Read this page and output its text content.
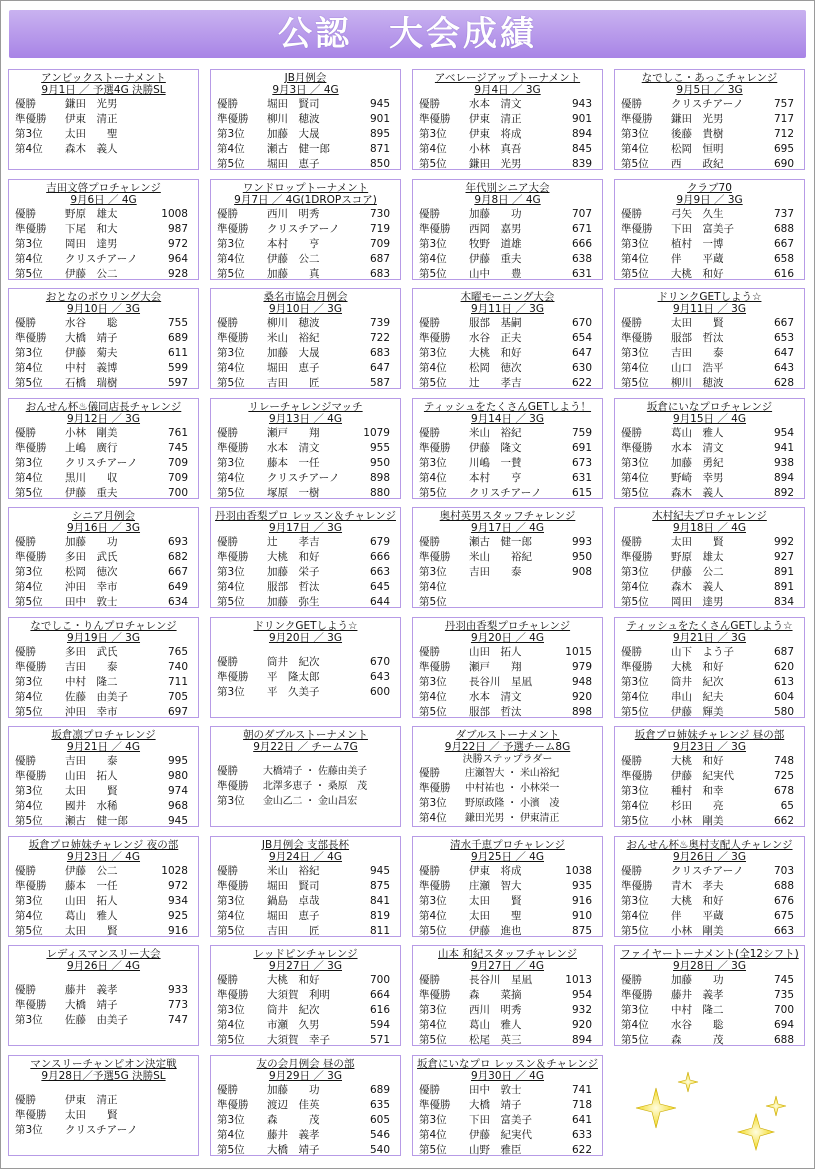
公認　大会成績
アンビックストーナメント
9月1日 ／ 予選4G 決勝SL
優勝	鎌田　光男
準優勝 伊東　清正
第3位 太田　　聖
第4位 森木　義人
JB月例会
9月3日 ／ 4G
優勝	堀田　賢司	945
準優勝 柳川　穂波	901
第3位 加藤　大晟	895
第4位 瀬古　健一郎	871
第5位 堀田　恵子	850
アベレージアップトーナメント
9月4日 ／ 3G
優勝	水本　清文	943
準優勝 伊東　清正	901
第3位 伊東　将成	894
第4位 小林　真吾	845
第5位 鎌田　光男	839
なでしこ・あっこチャレンジ
9月5日 ／ 3G
優勝	クリスチアーノ	757
準優勝 鎌田　光男	717
第3位 後藤　貴樹	712
第4位 松岡　恒明	695
第5位 西　　政紀	690
吉田文啓プロチャレンジ
9月6日 ／ 4G
優勝	野原　雄太	1008
準優勝 下尾　和大	987
第3位 岡田　達男	972
第4位 クリスチアーノ	964
第5位 伊藤　公二	928
ワンドロップトーナメント
9月7日 ／ 4G(1DROPスコア)
優勝	西川　明秀	730
準優勝 クリスチアーノ	719
第3位 本村　　亨	709
第4位 伊藤　公二	687
第5位 加藤　　真	683
年代別シニア大会
9月8日 ／ 4G
優勝	加藤　　功	707
準優勝 西岡　嘉男	671
第3位 牧野　道雄	666
第4位 伊藤　重夫	638
第5位 山中　　豊	631
クラブ70
9月9日 ／ 3G
優勝	弓矢　久生	737
準優勝 下田　富美子	688
第3位 植村　一博	667
第4位 伴　　平蔵	658
第5位 大桃　和好	616
おとなのボウリング大会
9月10日 ／ 3G
優勝	水谷　　聡	755
準優勝 大橋　靖子	689
第3位 伊藤　菊夫	611
第4位 中村　義博	599
第5位 石橋　瑞樹	597
桑名市協会月例会
9月10日 ／ 3G
優勝	柳川　穂波	739
準優勝 米山　裕紀	722
第3位 加藤　大晟	683
第4位 堀田　恵子	647
第5位 吉田　　匠	587
木曜モーニング大会
9月11日 ／ 3G
優勝	服部　基嗣	670
準優勝 水谷　正夫	654
第3位 大桃　和好	647
第4位 松岡　徳次	630
第5位 辻　　孝吉	622
ドリンクGETしよう☆
9月11日 ／ 3G
優勝	太田　　賢	667
準優勝 服部　哲汰	653
第3位 吉田　　泰	647
第4位 山口　浩平	643
第5位 柳川　穂波	628
おんせん杯♨儀同店長チャレンジ
9月12日 ／ 3G
優勝	小林　剛美	761
準優勝 上嶋　廣行	745
第3位 クリスチアーノ	709
第4位 黒川　　収	709
第5位 伊藤　重夫	700
リレーチャレンジマッチ
9月13日 ／ 4G
優勝	瀬戸　　翔	1079
準優勝 水本　清文	955
第3位 藤本　一任	950
第4位 クリスチアーノ	898
第5位 塚原　一樹	880
ティッシュをたくさんGETしよう！
9月14日 ／ 3G
優勝	米山　裕紀	759
準優勝 伊藤　隆文	691
第3位 川嶋　一賛	673
第4位 本村　　亨	631
第5位 クリスチアーノ	615
坂倉にいなプロチャレンジ
9月15日 ／ 4G
優勝	葛山　雅人	954
準優勝 水本　清文	941
第3位 加藤　勇紀	938
第4位 野崎　幸男	894
第5位 森木　義人	892
シニア月例会
9月16日 ／ 3G
優勝	加藤　　功	693
準優勝 多田　武氏	682
第3位 松岡　徳次	667
第4位 沖田　幸市	649
第5位 田中　敦士	634
丹羽由香梨プロ レッスン＆チャレンジ
9月17日 ／ 3G
優勝	辻　　孝吉	679
準優勝 大桃　和好	666
第3位 加藤　栄子	663
第4位 服部　哲汰	645
第5位 加藤　弥生	644
奥村英男スタッフチャレンジ
9月17日 ／ 4G
優勝	瀬古　健一郎	993
準優勝 米山　　裕紀	950
第3位 吉田　　泰	908
第4位
第5位
木村紀夫プロチャレンジ
9月18日 ／ 4G
優勝	太田　　賢	992
準優勝 野原　雄太	927
第3位 伊藤　公二	891
第4位 森木　義人	891
第5位 岡田　達男	834
なでしこ・りんプロチャレンジ
9月19日 ／ 3G
優勝	多田　武氏	765
準優勝 吉田　　泰	740
第3位 中村　隆二	711
第4位 佐藤　由美子	705
第5位 沖田　幸市	697
ドリンクGETしよう☆
9月20日 ／ 3G
優勝	筒井　紀次	670
準優勝 平　隆太郎	643
第3位 平　久美子	600
丹羽由香梨プロチャレンジ
9月20日 ／ 4G
優勝	山田　拓人	1015
準優勝 瀬戸　　翔	979
第3位 長谷川　星凪	948
第4位 水本　清文	920
第5位 服部　哲汰	898
ティッシュをたくさんGETしよう☆
9月21日 ／ 3G
優勝	山下　よう子	687
準優勝 大桃　和好	620
第3位 筒井　紀次	613
第4位 串山　紀夫	604
第5位 伊藤　輝美	580
坂倉凛プロチャレンジ
9月21日 ／ 4G
優勝	吉田　　泰	995
準優勝 山田　拓人	980
第3位 太田　　賢	974
第4位 國井　水稀	968
第5位 瀬古　健一郎	945
朝のダブルストーナメント
9月22日 ／ チーム7G
優勝	大橋靖子 ・ 佐藤由美子
準優勝 北澤多恵子 ・ 桑原　茂
第3位 金山乙二 ・ 金山昌宏
ダブルストーナメント
9月22日 ／ 予選チーム8G
決勝ステップラダー
優勝	庄瀬智大 ・ 米山裕紀
準優勝 中村祐也 ・ 小林栄一
第3位 野原政隆 ・ 小濱　凌
第4位 鎌田光男 ・ 伊東清正
坂倉プロ姉妹チャレンジ 昼の部
9月23日 ／ 3G
優勝	大桃　和好	748
準優勝 伊藤　紀実代	725
第3位 種村　和幸	678
第4位 杉田　　亮	65
第5位 小林　剛美	662
坂倉プロ姉妹チャレンジ 夜の部
9月23日 ／ 4G
優勝	伊藤　公二	1028
準優勝 藤本　一任	972
第3位 山田　拓人	934
第4位 葛山　雅人	925
第5位 太田　　賢	916
JB月例会 支部長杯
9月24日 ／ 4G
優勝	米山　裕紀	945
準優勝 堀田　賢司	875
第3位 鍋島　卓哉	841
第4位 堀田　恵子	819
第5位 吉田　　匠	811
清水千恵プロチャレンジ
9月25日 ／ 4G
優勝	伊東　将成	1038
準優勝 庄瀬　智大	935
第3位 太田　　賢	916
第4位 太田　　聖	910
第5位 伊藤　進也	875
おんせん杯♨奥村支配人チャレンジ
9月26日 ／ 3G
優勝	クリスチアーノ	703
準優勝 青木　孝夫	688
第3位 大桃　和好	676
第4位 伴　　平蔵	675
第5位 小林　剛美	663
レディスマンスリー大会
9月26日 ／ 4G
優勝	藤井　義孝	933
準優勝 大橋　靖子	773
第3位 佐藤　由美子	747
レッドピンチャレンジ
9月27日 ／ 3G
優勝	大桃　和好	700
準優勝 大須賀　利明	664
第3位 筒井　紀次	616
第4位 市瀬　久男	594
第5位 大須賀　幸子	571
山本 和紀スタッフチャレンジ
9月27日 ／ 4G
優勝	長谷川　星凪	1013
準優勝 森　　菜摘	954
第3位 西川　明秀	932
第4位 葛山　雅人	920
第5位 松尾　英三	894
ファイヤートーナメント(全12シフト)
9月28日 ／ 3G
優勝	加藤　　功	745
準優勝 藤井　義孝	735
第3位 中村　隆二	700
第4位 水谷　　聡	694
第5位 森　　　茂	688
マンスリーチャンピオン決定戦
9月28日／予選5G 決勝SL
優勝	伊東　清正
準優勝 太田　　賢
第3位 クリスチアーノ
友の会月例会 昼の部
9月29日 ／ 3G
優勝	加藤　　功	689
準優勝 渡辺　佳英	635
第3位 森　　　茂	605
第4位 藤井　義孝	546
第5位 大橋　靖子	540
坂倉にいなプロ レッスン＆チャレンジ
9月30日 ／ 4G
優勝	田中　敦士	741
準優勝 大橋　靖子	718
第3位 下田　富美子	641
第4位 伊藤　紀実代	633
第5位 山野　雅臣	622
